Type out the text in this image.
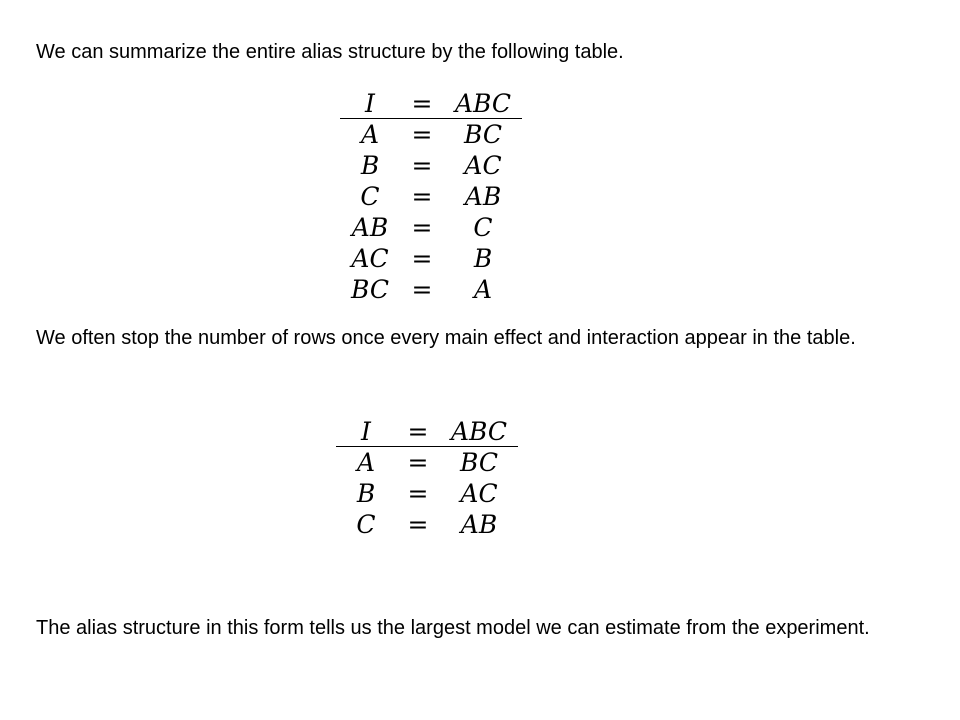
We can summarize the entire alias structure by the following table.

I	=	ABC
A	=	BC
B	=	AC
C	=	AB
AB	=	C
AC	=	B
BC	=	A

We often stop the number of rows once every main effect and interaction appear in the table.

I	=	ABC
A	=	BC
B	=	AC
C	=	AB

The alias structure in this form tells us the largest model we can estimate from the experiment.
